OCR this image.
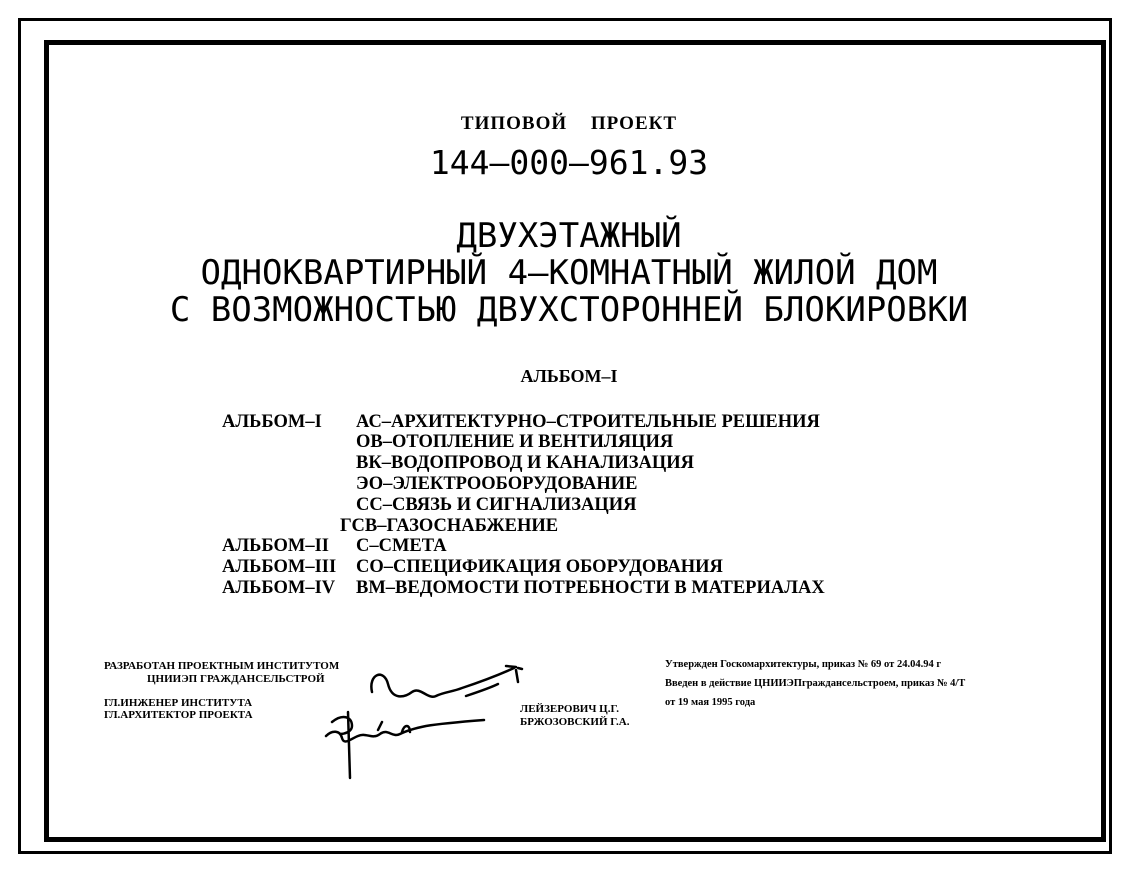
ТИПОВОЙ ПРОЕКТ
144–000–961.93
ДВУХЭТАЖНЫЙ
ОДНОКВАРТИРНЫЙ 4–КОМНАТНЫЙ ЖИЛОЙ ДОМ
С ВОЗМОЖНОСТЬЮ ДВУХСТОРОННЕЙ БЛОКИРОВКИ
АЛЬБОМ–I
АЛЬБОМ–I АС–АРХИТЕКТУРНО–СТРОИТЕЛЬНЫЕ РЕШЕНИЯ
ОВ–ОТОПЛЕНИЕ И ВЕНТИЛЯЦИЯ
ВК–ВОДОПРОВОД И КАНАЛИЗАЦИЯ
ЭО–ЭЛЕКТРООБОРУДОВАНИЕ
СС–СВЯЗЬ И СИГНАЛИЗАЦИЯ
ГСВ–ГАЗОСНАБЖЕНИЕ
АЛЬБОМ–II С–СМЕТА
АЛЬБОМ–III СО–СПЕЦИФИКАЦИЯ ОБОРУДОВАНИЯ
АЛЬБОМ–IV ВМ–ВЕДОМОСТИ ПОТРЕБНОСТИ В МАТЕРИАЛАХ
РАЗРАБОТАН ПРОЕКТНЫМ ИНСТИТУТОМ
ЦНИИЭП ГРАЖДАНСЕЛЬСТРОЙ
ГЛ.ИНЖЕНЕР ИНСТИТУТА
ГЛ.АРХИТЕКТОР ПРОЕКТА	ЛЕЙЗЕРОВИЧ Ц.Г.
БРЖОЗОВСКИЙ Г.А.
Утвержден Госкомархитектуры, приказ № 69 от 24.04.94 г
Введен в действие ЦНИИЭПграждансельстроем, приказ № 4/Т
от 19 мая 1995 года
